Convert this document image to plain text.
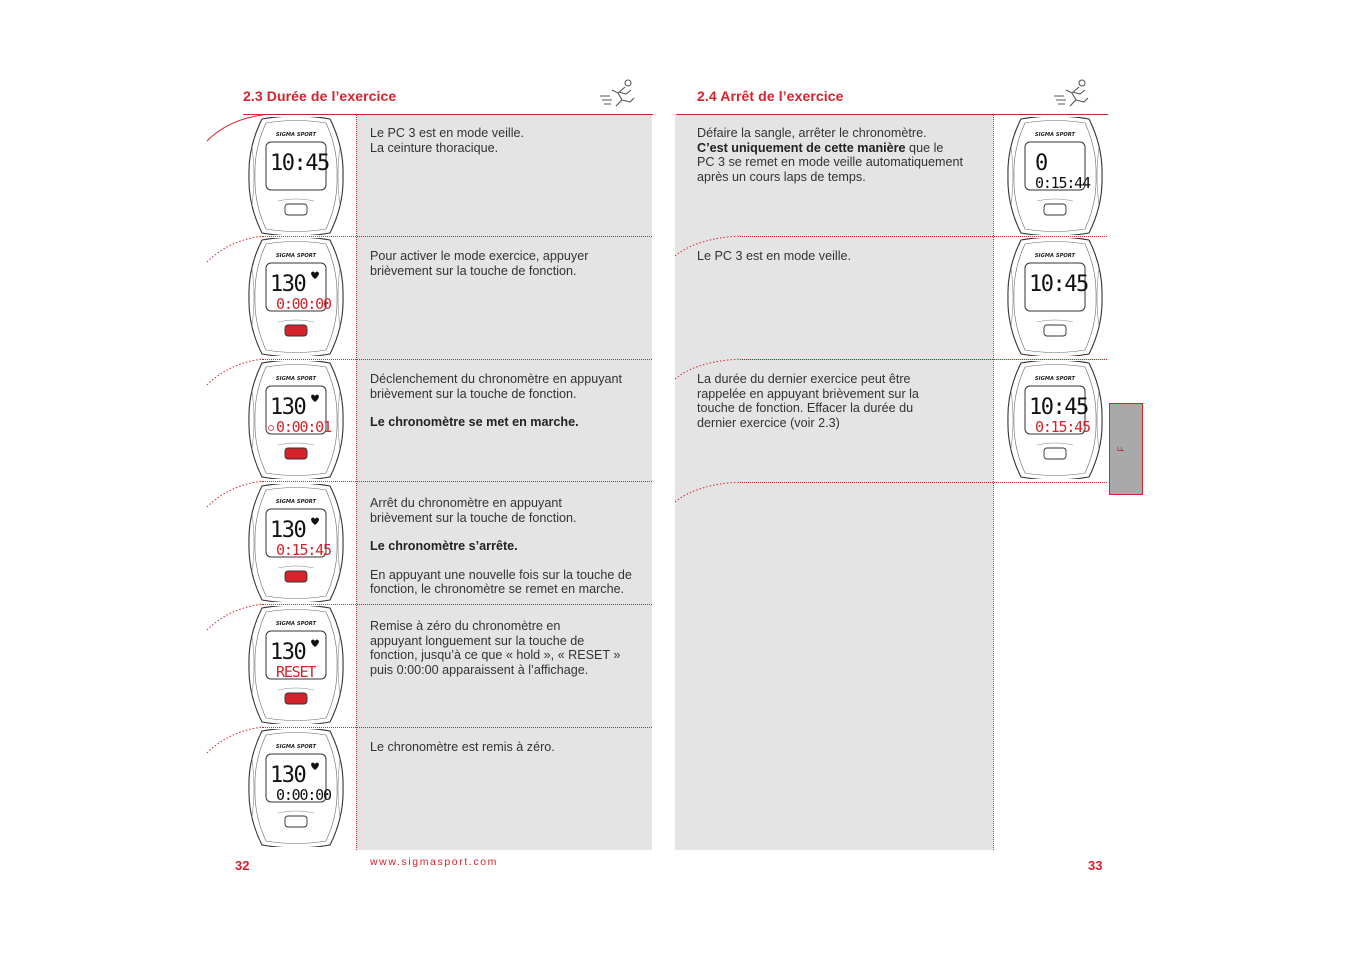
2.3 Durée de l’exercice

Le PC 3 est en mode veille.

La ceinture thoracique.

Pour activer le mode exercice, appuyer

brièvement sur la touche de fonction.

Déclenchement du chronomètre en appuyant

brièvement sur la touche de fonction.

Le chronomètre se met en marche.

Arrêt du chronomètre en appuyant

brièvement sur la touche de fonction.

Le chronomètre s’arrête.

En appuyant une nouvelle fois sur la touche de

fonction, le chronomètre se remet en marche.

Remise à zéro du chronomètre en

appuyant longuement sur la touche de

fonction, jusqu’à ce que « hold », « RESET »

puis 0:00:00 apparaissent à l’affichage.

Le chronomètre est remis à zéro.

SIGMA SPORT
10:45
SIGMA SPORT
130
0:00:00
SIGMA SPORT
130
0:00:01
SIGMA SPORT
130
0:15:45
SIGMA SPORT
130
RESET
SIGMA SPORT
130
0:00:00
32	www.sigmasport.com
2.4 Arrêt de l’exercice

Défaire la sangle, arrêter le chronomètre.

C’est uniquement de cette manière que le

PC 3 se remet en mode veille automatiquement

après un cours laps de temps.

Le PC 3 est en mode veille.

La durée du dernier exercice peut être

rappelée en appuyant brièvement sur la

touche de fonction. Effacer la durée du

dernier exercice (voir 2.3)

SIGMA SPORT
0
0:15:44
SIGMA SPORT
10:45
SIGMA SPORT
10:45
0:15:45
F
33
